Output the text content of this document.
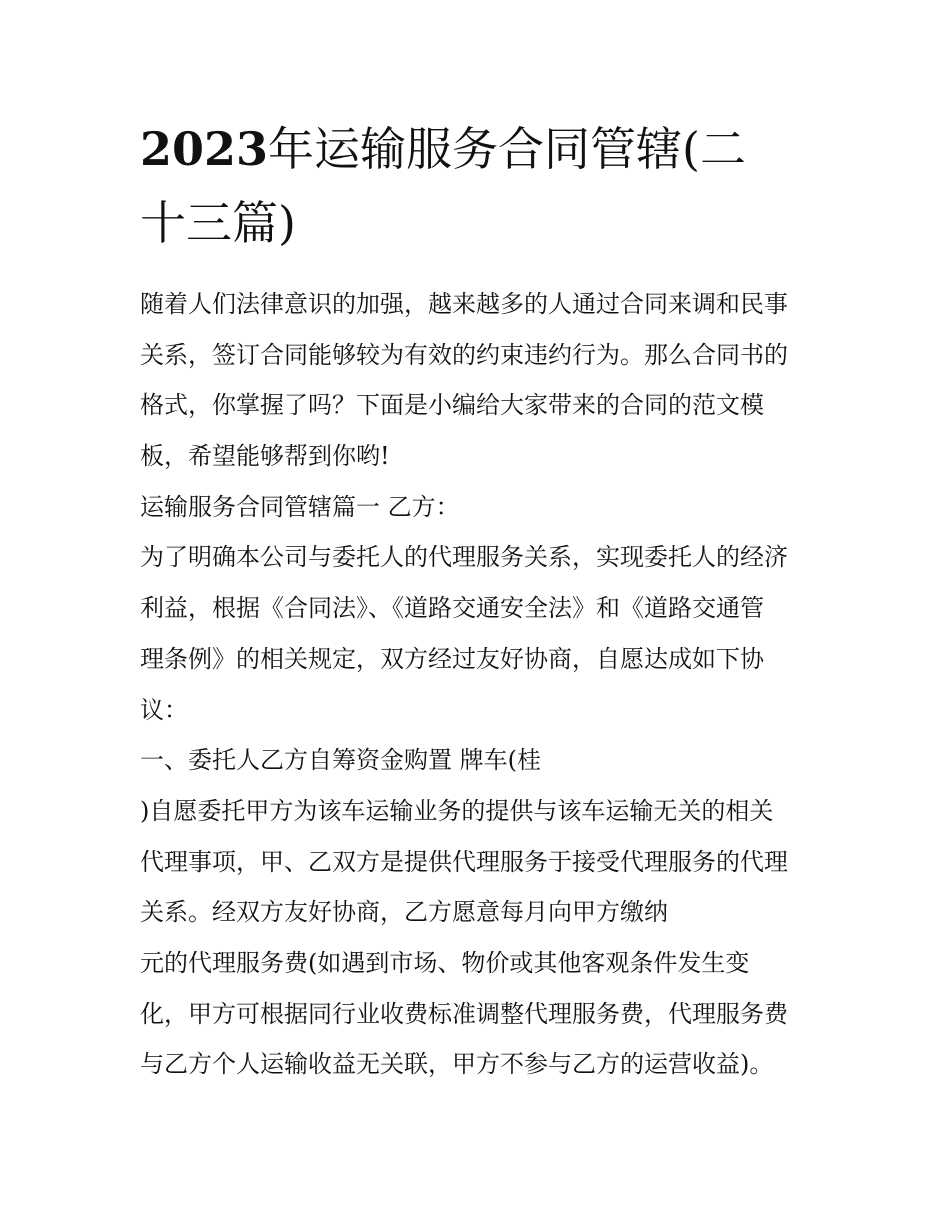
2023年运输服务合同管辖(二
十三篇)
随着人们法律意识的加强，越来越多的人通过合同来调和民事
关系，签订合同能够较为有效的约束违约行为。那么合同书的
格式，你掌握了吗？下面是小编给大家带来的合同的范文模
板，希望能够帮到你哟!
运输服务合同管辖篇一 乙方：
为了明确本公司与委托人的代理服务关系，实现委托人的经济
利益，根据《合同法》、《道路交通安全法》和《道路交通管
理条例》的相关规定，双方经过友好协商，自愿达成如下协
议：
一、委托人乙方自筹资金购置 牌车(桂
)自愿委托甲方为该车运输业务的提供与该车运输无关的相关
代理事项，甲、乙双方是提供代理服务于接受代理服务的代理
关系。经双方友好协商，乙方愿意每月向甲方缴纳
元的代理服务费(如遇到市场、物价或其他客观条件发生变
化，甲方可根据同行业收费标准调整代理服务费，代理服务费
与乙方个人运输收益无关联，甲方不参与乙方的运营收益)。
